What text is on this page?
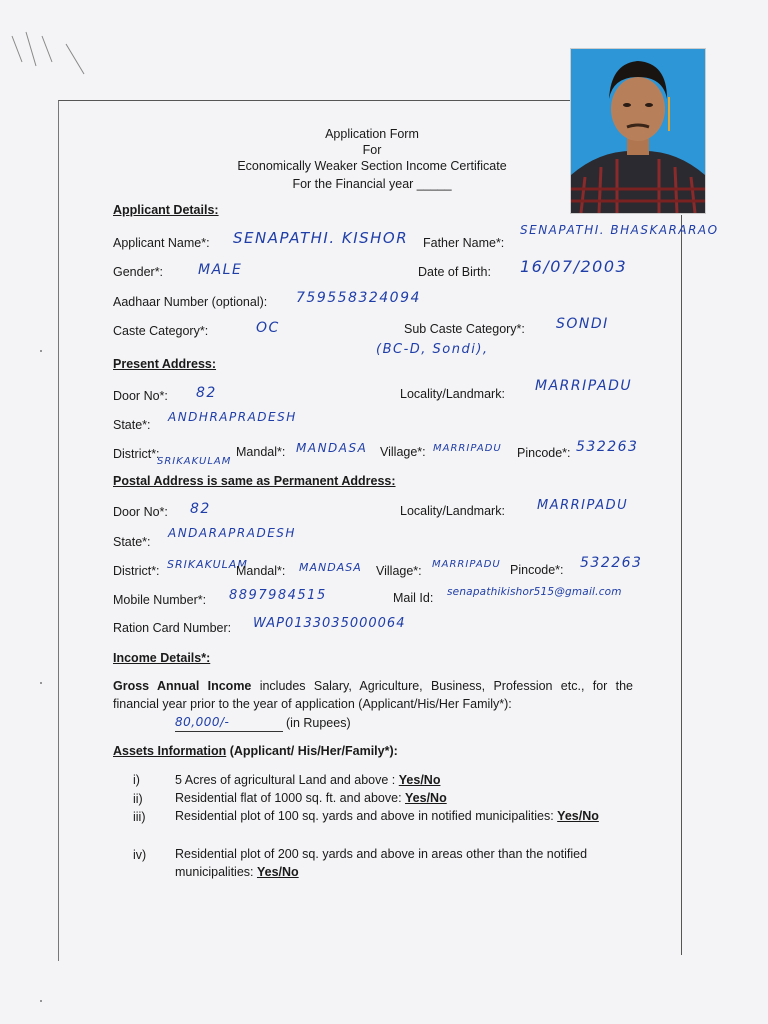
Application Form
For
Economically Weaker Section Income Certificate
For the Financial year _____
Applicant Details:
Applicant Name*: SENAPATHI. KISHOR Father Name*:
SENAPATHI. BHASKARARAO
Gender*: MALE	Date of Birth: 16/07/2003
Aadhaar Number (optional): 759558324094
Caste Category*:	OC	Sub Caste Category*: SONDI
(BC-D, Sondi),
Present Address:
Door No*: 82	Locality/Landmark: MARRIPADU
State*:
ANDHRAPRADESH
District*:
SRIKAKULAM
Mandal*: MANDASA Village*: MARRIPADU Pincode*: 532263
Postal Address is same as Permanent Address:
Door No*: 82	Locality/Landmark: MARRIPADU
State*:
ANDARAPRADESH
District*: SRIKAKULAM
Mandal*: MANDASA Village*: MARRIPADU Pincode*: 532263
Mobile Number*: 8897984515	Mail Id: senapathikishor515@gmail.com
Ration Card Number: WAP0133035000064
Income Details*:
Gross Annual Income includes Salary, Agriculture, Business, Profession etc., for the financial year prior to the year of application (Applicant/His/Her Family*):
80,000/-	(in Rupees)
Assets Information (Applicant/ His/Her/Family*):
i)	5 Acres of agricultural Land and above : Yes/No
ii)	Residential flat of 1000 sq. ft. and above: Yes/No
iii) Residential plot of 100 sq. yards and above in notified municipalities: Yes/No
iv) Residential plot of 200 sq. yards and above in areas other than the notified municipalities: Yes/No
